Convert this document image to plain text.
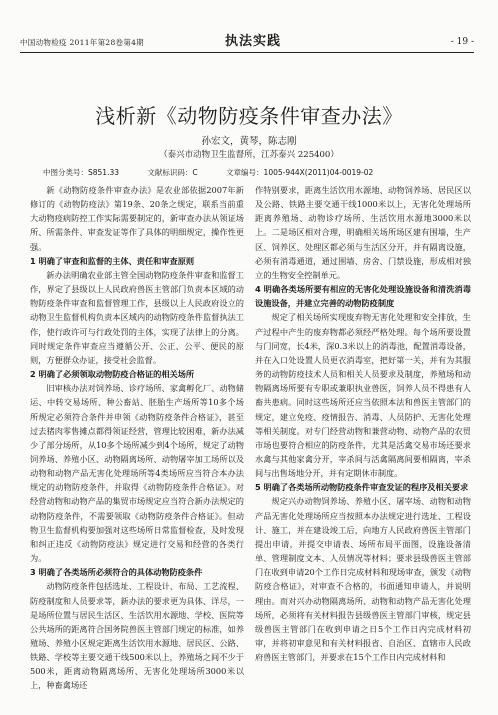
中国动物检疫 2011年第28卷第4期	执法实践	- 19 -
浅析新《动物防疫条件审查办法》
孙宏文，黄琴，陈志刚
（泰兴市动物卫生监督所，江苏泰兴 225400）
中图分类号：S851.33	文献标识码：C	文章编号：1005-944X(2011)04-0019-02

新《动物防疫条件审查办法》是农业部依据2007年新修订的《动物防疫法》第19条、20条之规定，联系当前重大动物疫病防控工作实际需要制定的，新审查办法从领证场所、所需条件、审查发证等作了具体的明细规定，操作性更强。

1 明确了审查和监督的主体、责任和审查原则

新办法明确农业部主管全国动物防疫条件审查和监督工作，界定了县级以上人民政府兽医主管部门负责本区域的动物防疫条件审查和监督管理工作，县级以上人民政府设立的动物卫生监督机构负责本区域内的动物防疫条件监督执法工作，使行政许可与行政处罚的主体，实现了法律上的分离。同时规定条件审查应当遵循公开、公正、公平、便民的原则，方便群众办证，接受社会监督。

2 明确了必须领取动物防疫合格证的相关场所

旧审核办法对饲养场、诊疗场所、家禽孵化厂、动物储运、中转交易场所、种公畜站、胚胎生产场所等10多个场所规定必须符合条件并申领《动物防疫条件合格证》，甚至过去猪肉零售摊点都得领证经营，管理比较困难，新办法减少了部分场所，从10多个场所减少到4个场所，规定了动物饲养场、养殖小区、动物隔离场所、动物屠宰加工场所以及动物和动物产品无害化处理场所等4类场所应当符合本办法规定的动物防疫条件，并取得《动物防疫条件合格证》。对经营动物和动物产品的集贸市场规定应当符合新办法规定的动物防疫条件，不需要领取《动物防疫条件合格证》。但动物卫生监督机构要加强对这些场所日常监督检查，及时发现和纠正违反《动物防疫法》规定进行交易和经营的各类行为。

3 明确了各类场所必须符合的具体动物防疫条件

动物防疫条件包括选址、工程设计、布局、工艺流程、防疫制度和人员要求等，新办法的要求更为具体、详尽，一是场所位置与居民生活区、生活饮用水源地、学校、医院等公共场所的距离符合国务院兽医主管部门规定的标准，如养殖场、养殖小区规定距离生活饮用水源地、居民区、公路、铁路、学校等主要交通干线500米以上，养殖场之间不少于500米，距离动物隔离场所、无害化处理场所3000米以上，种畜禽场还

作特别要求，距离生活饮用水源地、动物饲养场、居民区以及公路、铁路主要交通干线1000米以上，无害化处理场所距离养殖场、动物诊疗场所、生活饮用水源地3000米以上。二是场区相对合理，明确相关场所场区建有围墙，生产区、饲养区、处理区都必须与生活区分开，并有隔离设施，必须有消毒通道，通过围墙、房舍、门禁设施，形成相对独立的生物安全控制单元。

4 明确各类场所要有相应的无害化处理设施设备和清洗消毒设施设备，并建立完善的动物防疫制度

规定了相关场所实现废弃物无害化处理和安全排放，生产过程中产生的废弃物都必须经严格处理。每个场所要设置与门同宽，长4米，深0.3米以上的消毒池，配置消毒设备，并在入口处设置人员更衣消毒室，把好第一关，并有为其服务的动物防疫技术人员和相关人员要求及制度，养殖场和动物隔离场所要有专职或兼职执业兽医，饲养人员不得患有人畜共患病。同时这些场所还应当依照本法和兽医主管部门的规定，建立免疫、疫情报告、消毒、人员防护、无害化处理等相关制度。对专门经营动物和兼营动物、动物产品的农贸市场也要符合相应的防疫条件，尤其是活禽交易市场还要求水禽与其他家禽分开，宰杀间与活禽隔离间要相隔离，宰杀间与出售场地分开，并有定期休市制度。

5 明确了各类场所动物防疫条件审查发证的程序及相关要求

规定兴办动物饲养场、养殖小区、屠宰场、动物和动物产品无害化处理场所应当按照本办法规定进行选址、工程设计、施工，并在建设竣工后，向地方人民政府兽医主管部门提出申请，并提交申请表、场所布局平面图，设施设备清单、管理制度文本、人员情况等材料；要求县级兽医主管部门在收到申请20个工作日完成材料和现场审查，颁发《动物防疫合格证》，对审查不合格的，书面通知申请人，并说明理由。而对兴办动物隔离场所、动物和动物产品无害化处理场所，必须将有关材料报告县级兽医主管部门审核，规定县级兽医主管部门在收到申请之日5个工作日内完成材料初审，并将初审意见和有关材料报省、自治区、直辖市人民政府兽医主管部门，并要求在15个工作日内完成材料和
